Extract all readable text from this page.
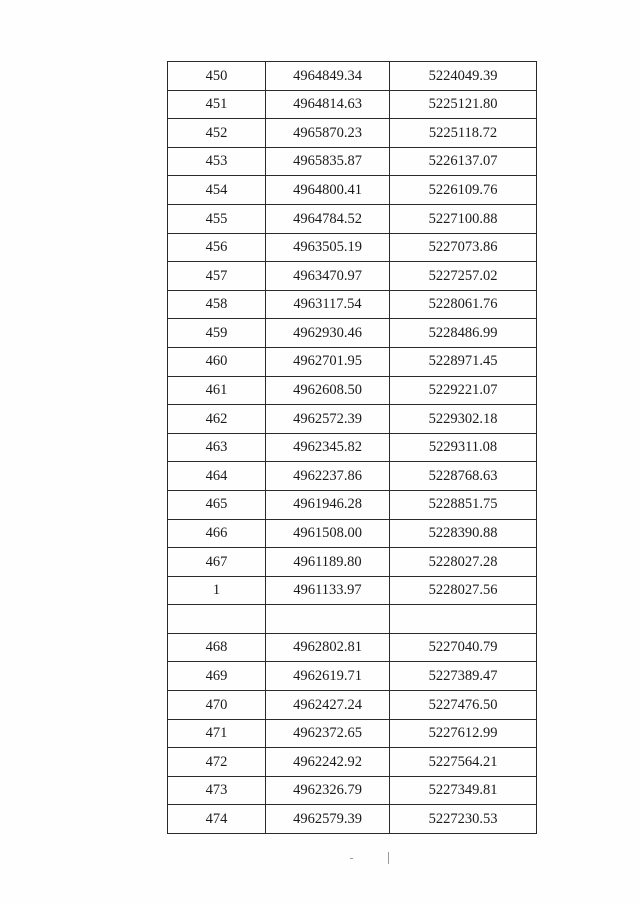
450	4964849.34	5224049.39
451	4964814.63	5225121.80
452	4965870.23	5225118.72
453	4965835.87	5226137.07
454	4964800.41	5226109.76
455	4964784.52	5227100.88
456	4963505.19	5227073.86
457	4963470.97	5227257.02
458	4963117.54	5228061.76
459	4962930.46	5228486.99
460	4962701.95	5228971.45
461	4962608.50	5229221.07
462	4962572.39	5229302.18
463	4962345.82	5229311.08
464	4962237.86	5228768.63
465	4961946.28	5228851.75
466	4961508.00	5228390.88
467	4961189.80	5228027.28
1	4961133.97	5228027.56

468	4962802.81	5227040.79
469	4962619.71	5227389.47
470	4962427.24	5227476.50
471	4962372.65	5227612.99
472	4962242.92	5227564.21
473	4962326.79	5227349.81
474	4962579.39	5227230.53
